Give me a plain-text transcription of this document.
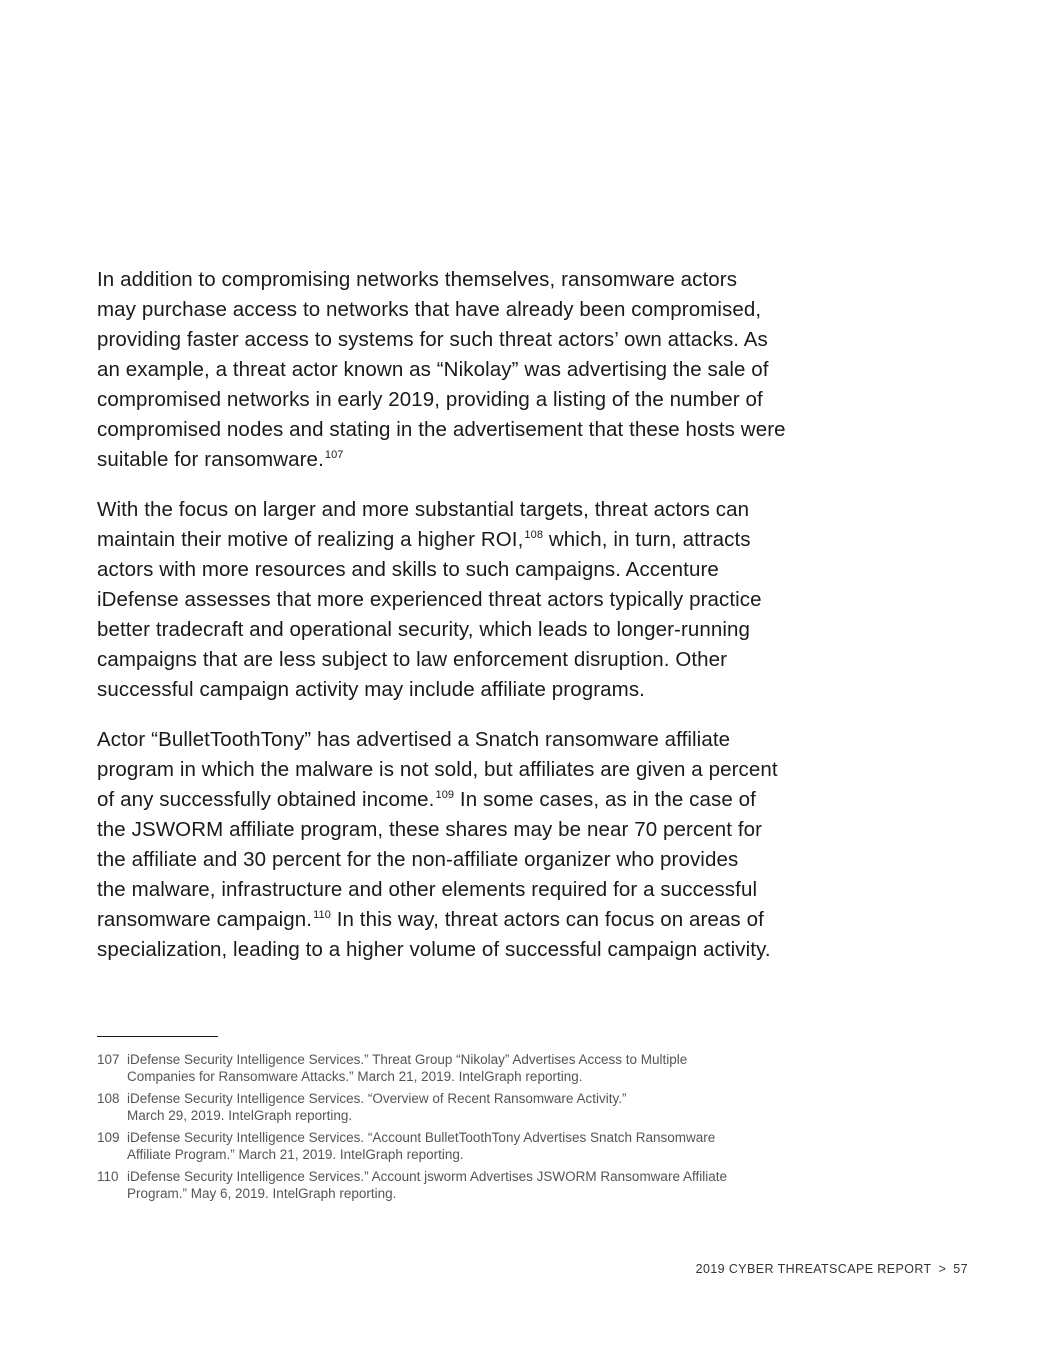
In addition to compromising networks themselves, ransomware actors
may purchase access to networks that have already been compromised,
providing faster access to systems for such threat actors’ own attacks. As
an example, a threat actor known as “Nikolay” was advertising the sale of
compromised networks in early 2019, providing a listing of the number of
compromised nodes and stating in the advertisement that these hosts were
suitable for ransomware.$^{107}$

With the focus on larger and more substantial targets, threat actors can
maintain their motive of realizing a higher ROI,$^{108}$ which, in turn, attracts
actors with more resources and skills to such campaigns. Accenture
iDefense assesses that more experienced threat actors typically practice
better tradecraft and operational security, which leads to longer-running
campaigns that are less subject to law enforcement disruption. Other
successful campaign activity may include affiliate programs.

Actor “BulletToothTony” has advertised a Snatch ransomware affiliate
program in which the malware is not sold, but affiliates are given a percent
of any successfully obtained income.$^{109}$ In some cases, as in the case of
the JSWORM affiliate program, these shares may be near 70 percent for
the affiliate and 30 percent for the non-affiliate organizer who provides
the malware, infrastructure and other elements required for a successful
ransomware campaign.$^{110}$ In this way, threat actors can focus on areas of
specialization, leading to a higher volume of successful campaign activity.

107 iDefense Security Intelligence Services.” Threat Group “Nikolay” Advertises Access to Multiple
Companies for Ransomware Attacks.” March 21, 2019. IntelGraph reporting.
108 iDefense Security Intelligence Services. “Overview of Recent Ransomware Activity.”
March 29, 2019. IntelGraph reporting.
109 iDefense Security Intelligence Services. “Account BulletToothTony Advertises Snatch Ransomware
Affiliate Program.” March 21, 2019. IntelGraph reporting.
110 iDefense Security Intelligence Services.” Account jsworm Advertises JSWORM Ransomware Affiliate
Program.” May 6, 2019. IntelGraph reporting.
2019 CYBER THREATSCAPE REPORT > 57
